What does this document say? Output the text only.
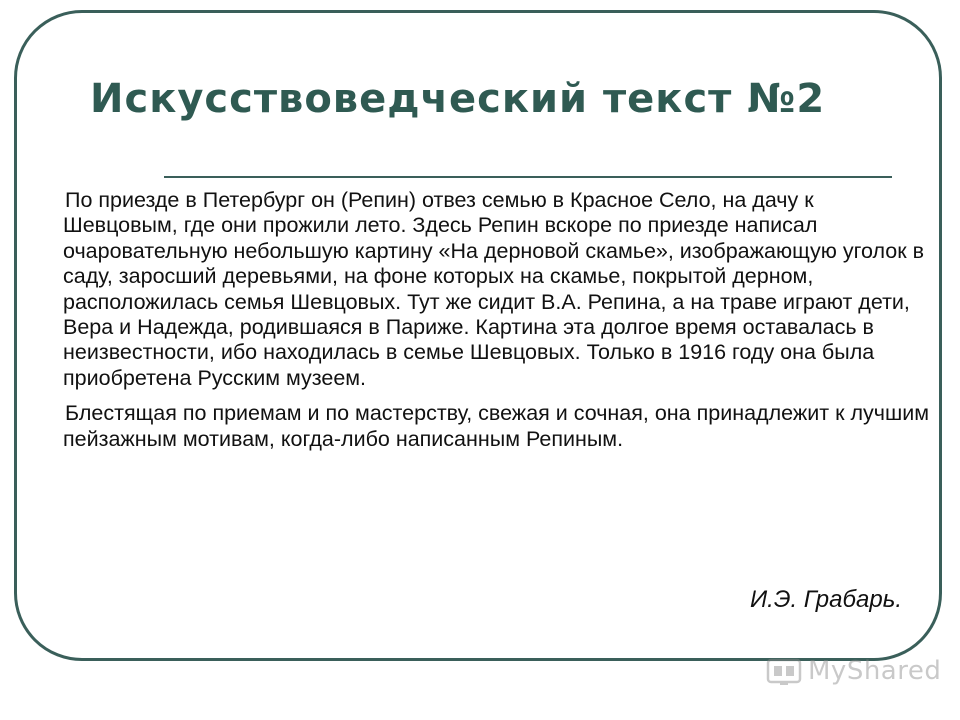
Искусствоведческий текст №2

По приезде в Петербург он (Репин) отвез семью в Красное Село, на дачу к Шевцовым, где они прожили лето. Здесь Репин вскоре по приезде написал очаровательную небольшую картину «На дерновой скамье», изображающую уголок в саду, заросший деревьями, на фоне которых на скамье, покрытой дерном, расположилась семья Шевцовых. Тут же сидит В.А. Репина, а на траве играют дети, Вера и Надежда, родившаяся в Париже. Картина эта долгое время оставалась в неизвестности, ибо находилась в семье Шевцовых. Только в 1916 году она была приобретена Русским музеем.

Блестящая по приемам и по мастерству, свежая и сочная, она принадлежит к лучшим пейзажным мотивам, когда-либо написанным Репиным.

И.Э. Грабарь.

MyShared
